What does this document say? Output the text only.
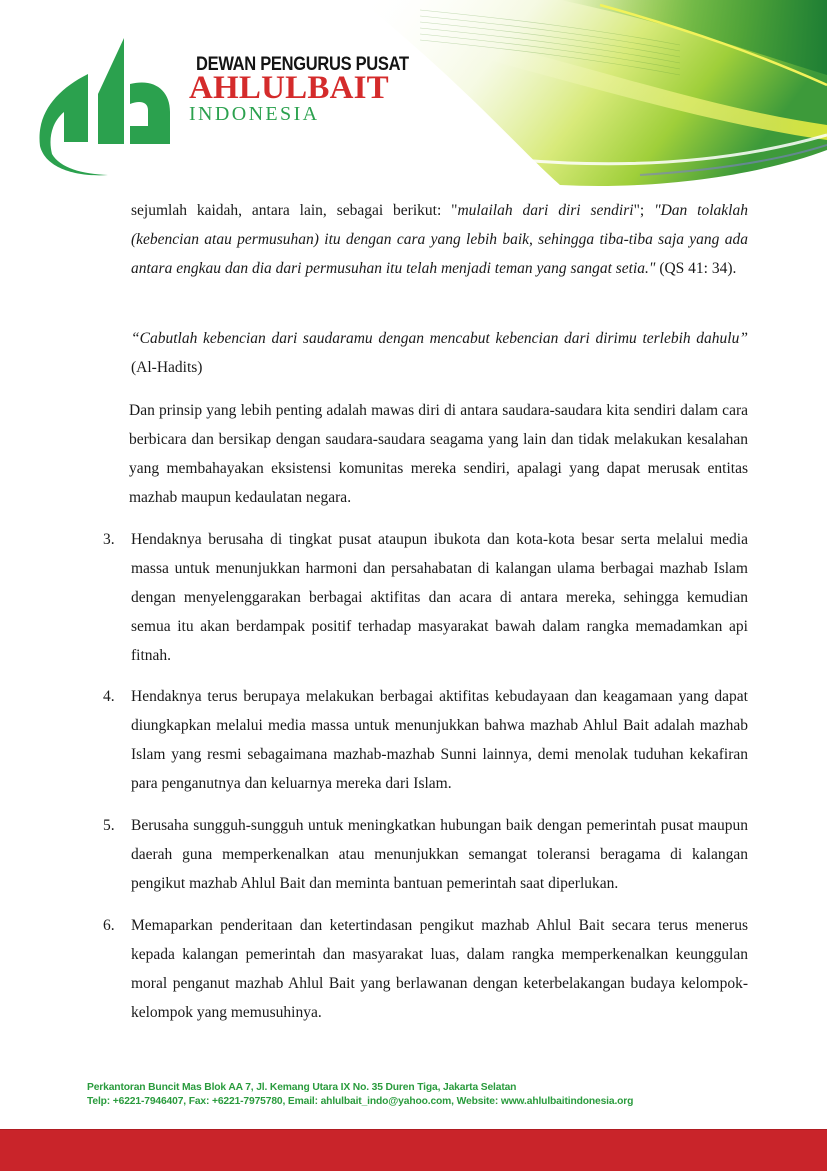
DEWAN PENGURUS PUSAT
AHLULBAIT
INDONESIA

sejumlah kaidah, antara lain, sebagai berikut: "mulailah dari diri sendiri"; "Dan tolaklah (kebencian atau permusuhan) itu dengan cara yang lebih baik, sehingga tiba-tiba saja yang ada antara engkau dan dia dari permusuhan itu telah menjadi teman yang sangat setia." (QS 41: 34).

“Cabutlah kebencian dari saudaramu dengan mencabut kebencian dari dirimu terlebih dahulu” (Al-Hadits)

Dan prinsip yang lebih penting adalah mawas diri di antara saudara-saudara kita sendiri dalam cara berbicara dan bersikap dengan saudara-saudara seagama yang lain dan tidak melakukan kesalahan yang membahayakan eksistensi komunitas mereka sendiri, apalagi yang dapat merusak entitas mazhab maupun kedaulatan negara.

3. Hendaknya berusaha di tingkat pusat ataupun ibukota dan kota-kota besar serta melalui media massa untuk menunjukkan harmoni dan persahabatan di kalangan ulama berbagai mazhab Islam dengan menyelenggarakan berbagai aktifitas dan acara di antara mereka, sehingga kemudian semua itu akan berdampak positif terhadap masyarakat bawah dalam rangka memadamkan api fitnah.

4. Hendaknya terus berupaya melakukan berbagai aktifitas kebudayaan dan keagamaan yang dapat diungkapkan melalui media massa untuk menunjukkan bahwa mazhab Ahlul Bait adalah mazhab Islam yang resmi sebagaimana mazhab-mazhab Sunni lainnya, demi menolak tuduhan kekafiran para penganutnya dan keluarnya mereka dari Islam.

5. Berusaha sungguh-sungguh untuk meningkatkan hubungan baik dengan pemerintah pusat maupun daerah guna memperkenalkan atau menunjukkan semangat toleransi beragama di kalangan pengikut mazhab Ahlul Bait dan meminta bantuan pemerintah saat diperlukan.

6. Memaparkan penderitaan dan ketertindasan pengikut mazhab Ahlul Bait secara terus menerus kepada kalangan pemerintah dan masyarakat luas, dalam rangka memperkenalkan keunggulan moral penganut mazhab Ahlul Bait yang berlawanan dengan keterbelakangan budaya kelompok-kelompok yang memusuhinya.

Perkantoran Buncit Mas Blok AA 7, Jl. Kemang Utara IX No. 35 Duren Tiga, Jakarta Selatan
Telp: +6221-7946407, Fax: +6221-7975780, Email: ahlulbait_indo@yahoo.com, Website: www.ahlulbaitindonesia.org
